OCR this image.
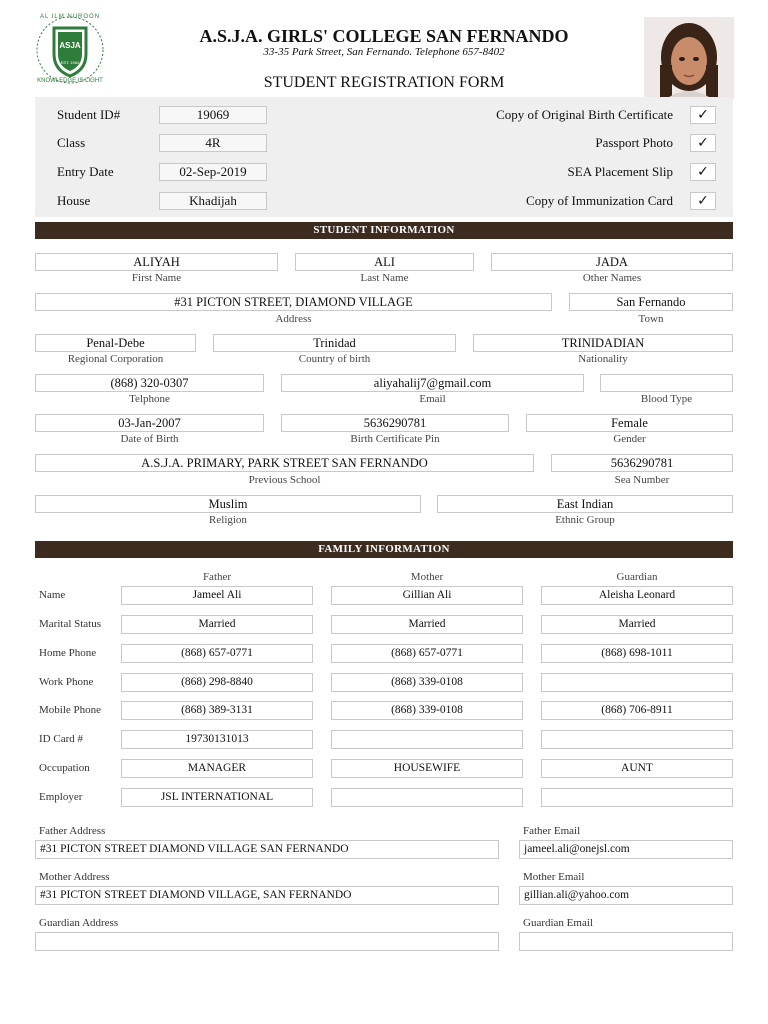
ASJA
EST. 1962
AL ILM NUROON
KNOWLEDGE IS LIGHT
A.S.J.A. GIRLS' COLLEGE SAN FERNANDO
33-35 Park Street, San Fernando. Telephone 657-8402
STUDENT REGISTRATION FORM
Student ID#	19069
Class	4R
Entry Date	02-Sep-2019
House	Khadijah
Copy of Original Birth Certificate	✓
Passport Photo	✓
SEA Placement Slip	✓
Copy of Immunization Card	✓
STUDENT INFORMATION
ALIYAH
First Name
ALI
Last Name
JADA
Other Names
#31 PICTON STREET, DIAMOND VILLAGE
Address
San Fernando
Town
Penal-Debe
Regional Corporation
Trinidad
Country of birth
TRINIDADIAN
Nationality
(868) 320-0307
Telphone
aliyahalij7@gmail.com
Email	Blood Type
03-Jan-2007
Date of Birth
5636290781
Birth Certificate Pin
Female
Gender
A.S.J.A. PRIMARY, PARK STREET SAN FERNANDO
Previous School
5636290781
Sea Number
Muslim
Religion
East Indian
Ethnic Group
FAMILY INFORMATION
Father	Mother	Guardian
Name	Jameel Ali	Gillian Ali	Aleisha Leonard
Marital Status	Married	Married	Married
Home Phone	(868) 657-0771	(868) 657-0771	(868) 698-1011
Work Phone	(868) 298-8840	(868) 339-0108
Mobile Phone	(868) 389-3131	(868) 339-0108	(868) 706-8911
ID Card #	19730131013
Occupation	MANAGER	HOUSEWIFE	AUNT
Employer	JSL INTERNATIONAL
Father Address
#31 PICTON STREET DIAMOND VILLAGE SAN FERNANDO
Father Email
jameel.ali@onejsl.com
Mother Address
#31 PICTON STREET DIAMOND VILLAGE, SAN FERNANDO
Mother Email
gillian.ali@yahoo.com
Guardian Address	Guardian Email
